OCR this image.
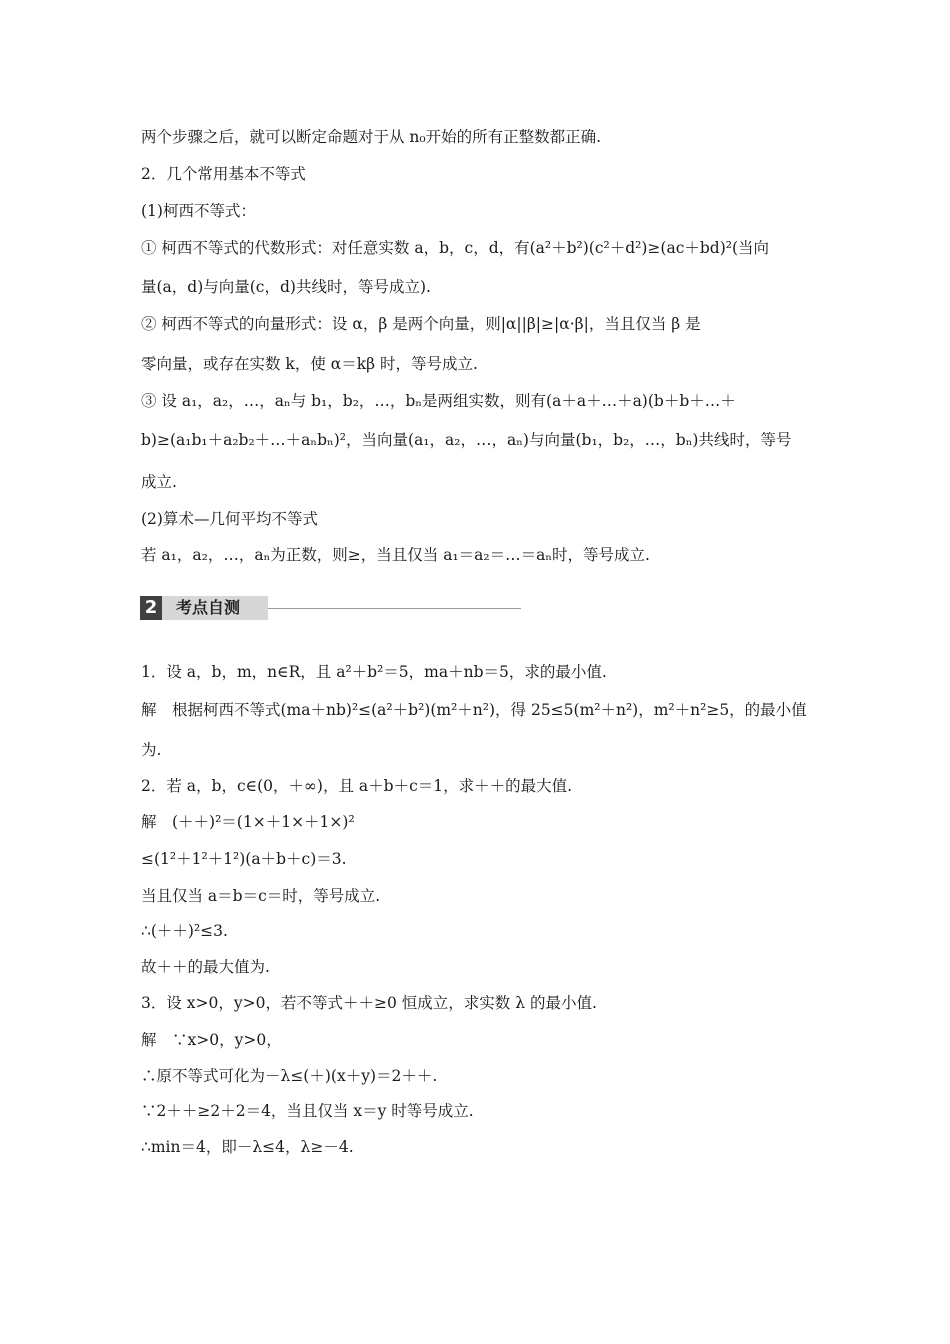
两个步骤之后，就可以断定命题对于从 n₀开始的所有正整数都正确.
2．几个常用基本不等式
(1)柯西不等式：
① 柯西不等式的代数形式：对任意实数 a，b，c，d，有(a²＋b²)(c²＋d²)≥(ac＋bd)²(当向
量(a，d)与向量(c，d)共线时，等号成立).
② 柯西不等式的向量形式：设 α，β 是两个向量，则|α||β|≥|α·β|，当且仅当 β 是
零向量，或存在实数 k，使 α＝kβ 时，等号成立.
③ 设 a₁，a₂，…，aₙ与 b₁，b₂，…，bₙ是两组实数，则有(a＋a＋…＋a)(b＋b＋…＋
b)≥(a₁b₁＋a₂b₂＋…＋aₙbₙ)²，当向量(a₁，a₂，…，aₙ)与向量(b₁，b₂，…，bₙ)共线时，等号
成立.
(2)算术—几何平均不等式
若 a₁，a₂，…，aₙ为正数，则≥，当且仅当 a₁＝a₂＝…＝aₙ时，等号成立.
2 考点自测
1．设 a，b，m，n∈R，且 a²＋b²＝5，ma＋nb＝5，求的最小值.
解　根据柯西不等式(ma＋nb)²≤(a²＋b²)(m²＋n²)，得 25≤5(m²＋n²)，m²＋n²≥5，的最小值
为.
2．若 a，b，c∈(0，＋∞)，且 a＋b＋c＝1，求＋＋的最大值.
解　(＋＋)²＝(1×＋1×＋1×)²
≤(1²＋1²＋1²)(a＋b＋c)＝3.
当且仅当 a＝b＝c＝时，等号成立.
∴(＋＋)²≤3.
故＋＋的最大值为.
3．设 x>0，y>0，若不等式＋＋≥0 恒成立，求实数 λ 的最小值.
解　∵x>0，y>0，
∴原不等式可化为－λ≤(＋)(x＋y)＝2＋＋.
∵2＋＋≥2＋2＝4，当且仅当 x＝y 时等号成立.
∴min＝4，即－λ≤4，λ≥－4.
